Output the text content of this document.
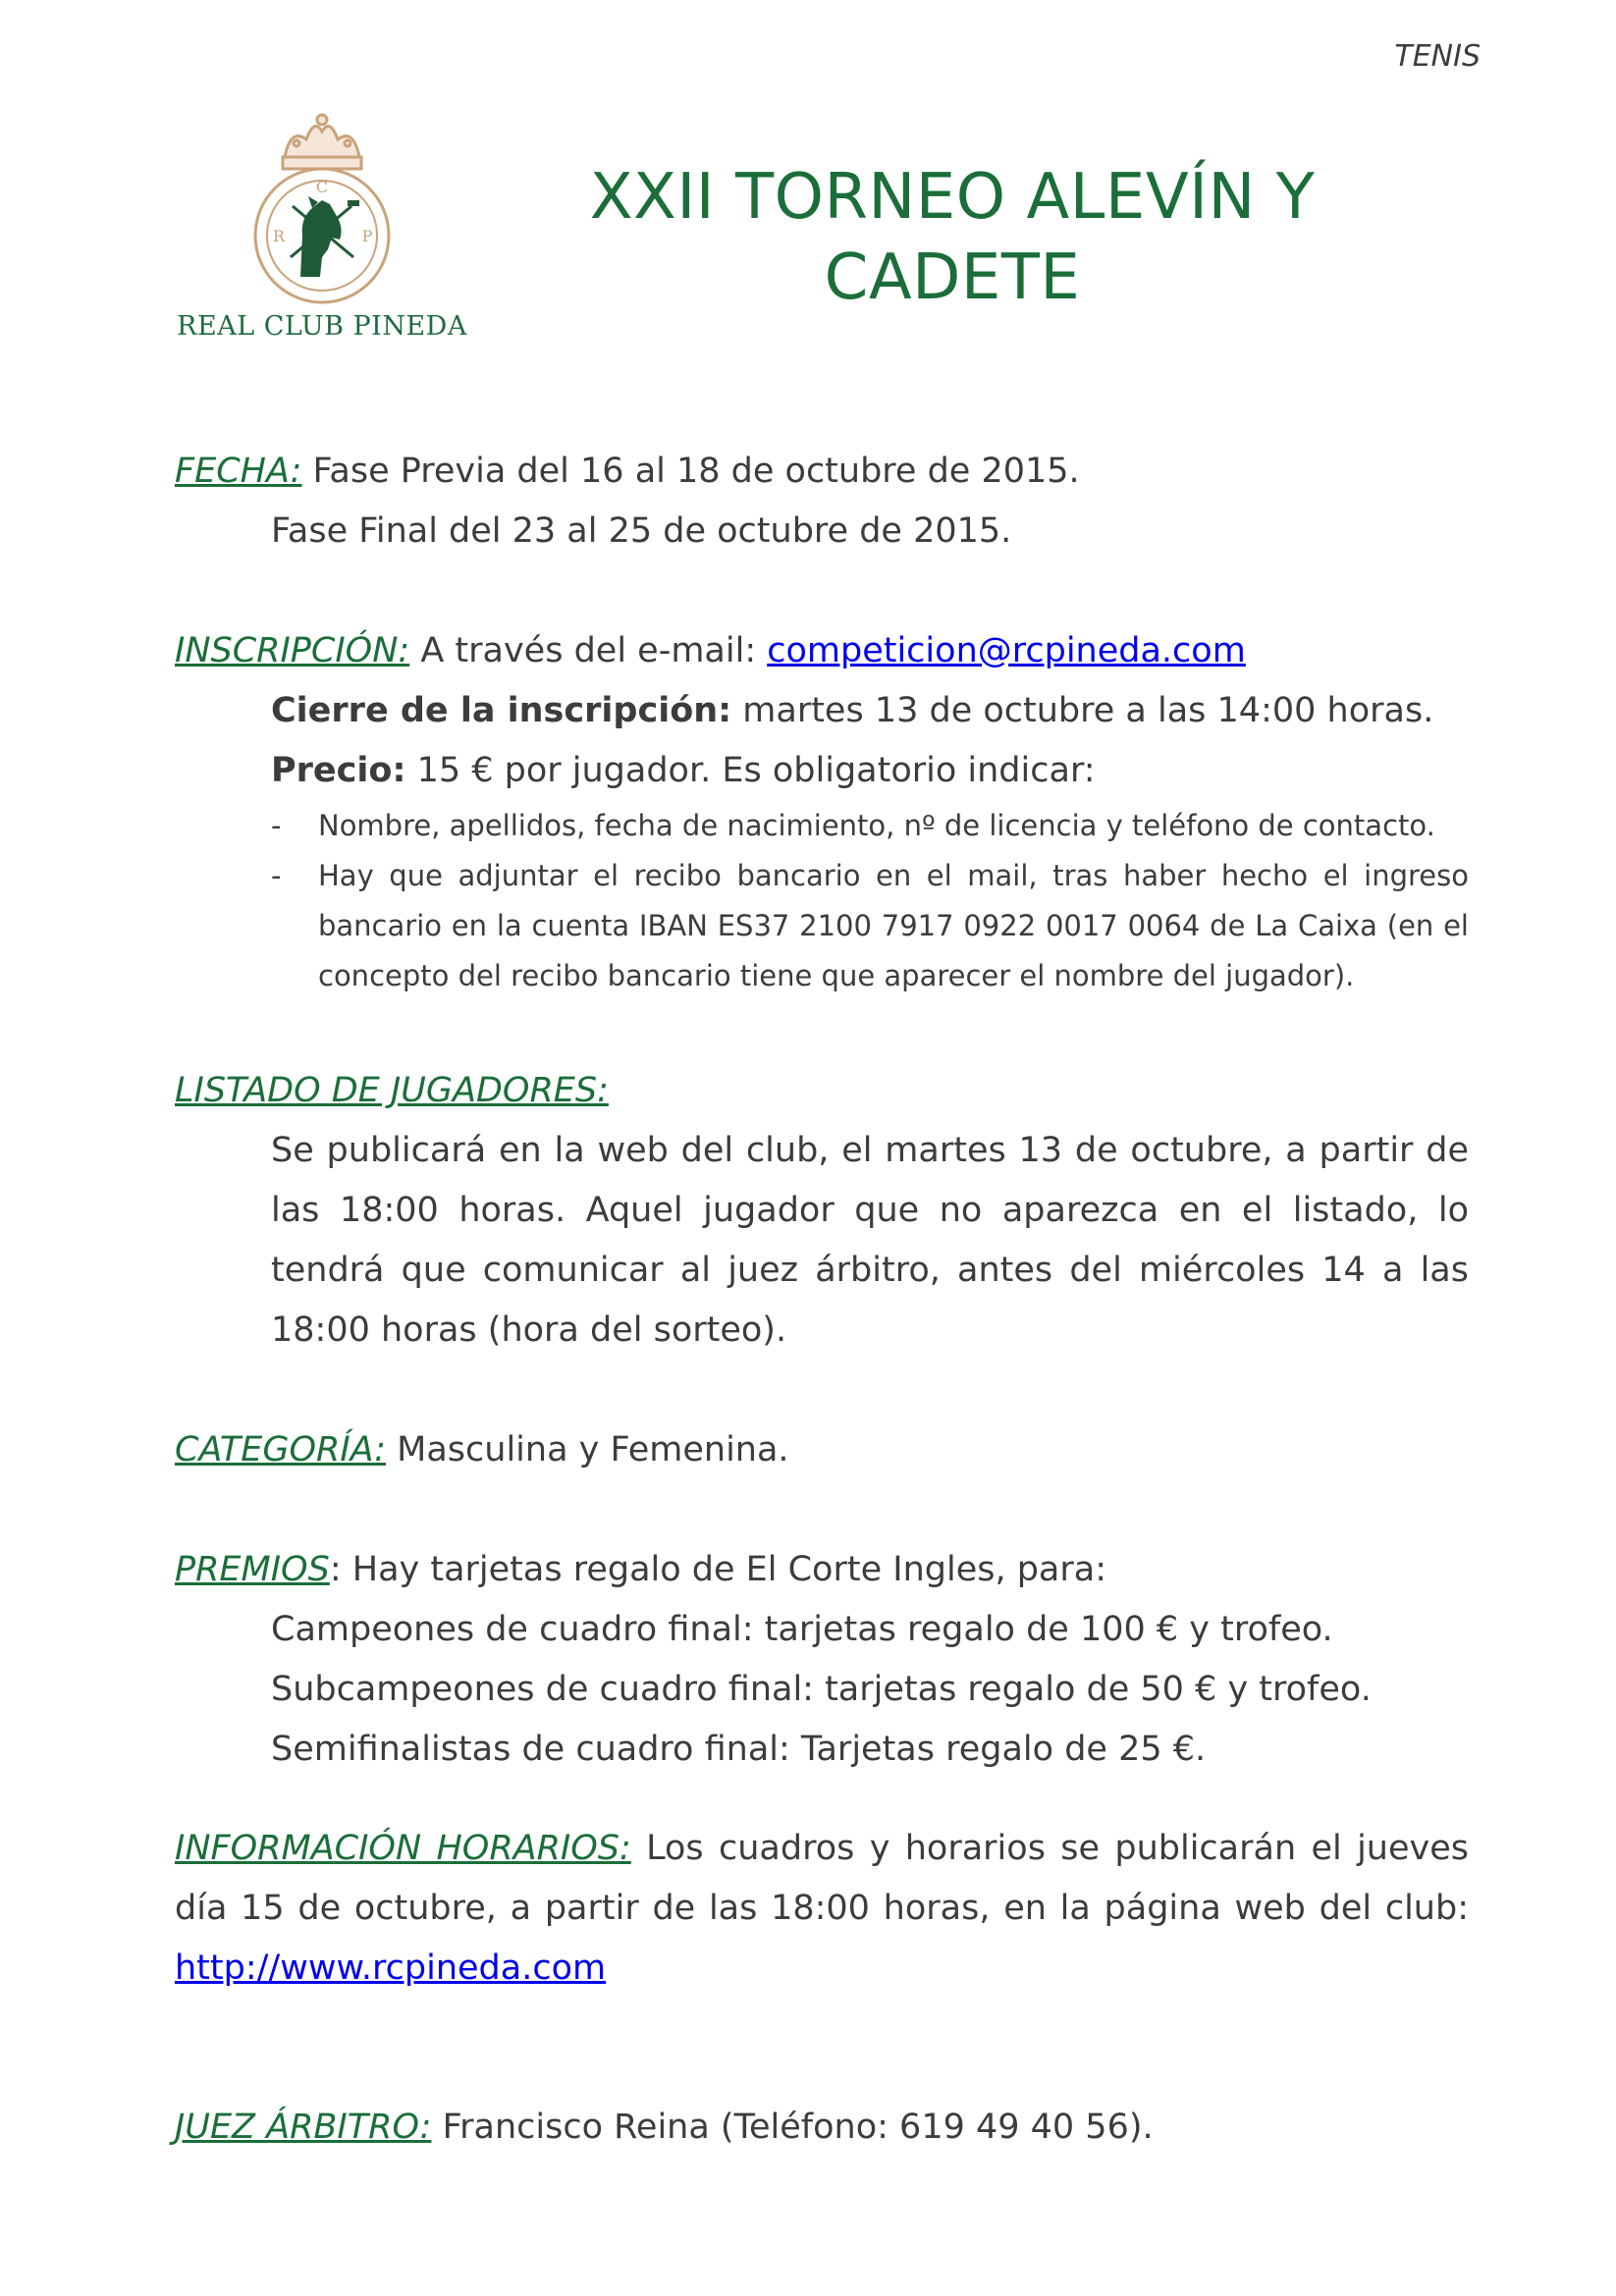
TENIS
C
R	P
REAL CLUB PINEDA
XXII TORNEO ALEVÍN Y
CADETE

FECHA: Fase Previa del 16 al 18 de octubre de 2015.

Fase Final del 23 al 25 de octubre de 2015.

INSCRIPCIÓN: A través del e-mail: competicion@rcpineda.com

Cierre de la inscripción: martes 13 de octubre a las 14:00 horas.

Precio: 15 € por jugador. Es obligatorio indicar:

- Nombre, apellidos, fecha de nacimiento, nº de licencia y teléfono de contacto.
- Hay que adjuntar el recibo bancario en el mail, tras haber hecho el ingreso bancario en la cuenta IBAN ES37 2100 7917 0922 0017 0064 de La Caixa (en el concepto del recibo bancario tiene que aparecer el nombre del jugador).

LISTADO DE JUGADORES:

Se publicará en la web del club, el martes 13 de octubre, a partir de las 18:00 horas. Aquel jugador que no aparezca en el listado, lo tendrá que comunicar al juez árbitro, antes del miércoles 14 a las 18:00 horas (hora del sorteo).

CATEGORÍA: Masculina y Femenina.

PREMIOS: Hay tarjetas regalo de El Corte Ingles, para:

Campeones de cuadro final: tarjetas regalo de 100 € y trofeo.

Subcampeones de cuadro final: tarjetas regalo de 50 € y trofeo.

Semifinalistas de cuadro final: Tarjetas regalo de 25 €.

INFORMACIÓN HORARIOS: Los cuadros y horarios se publicarán el jueves día 15 de octubre, a partir de las 18:00 horas, en la página web del club: http://www.rcpineda.com

JUEZ ÁRBITRO: Francisco Reina (Teléfono: 619 49 40 56).
